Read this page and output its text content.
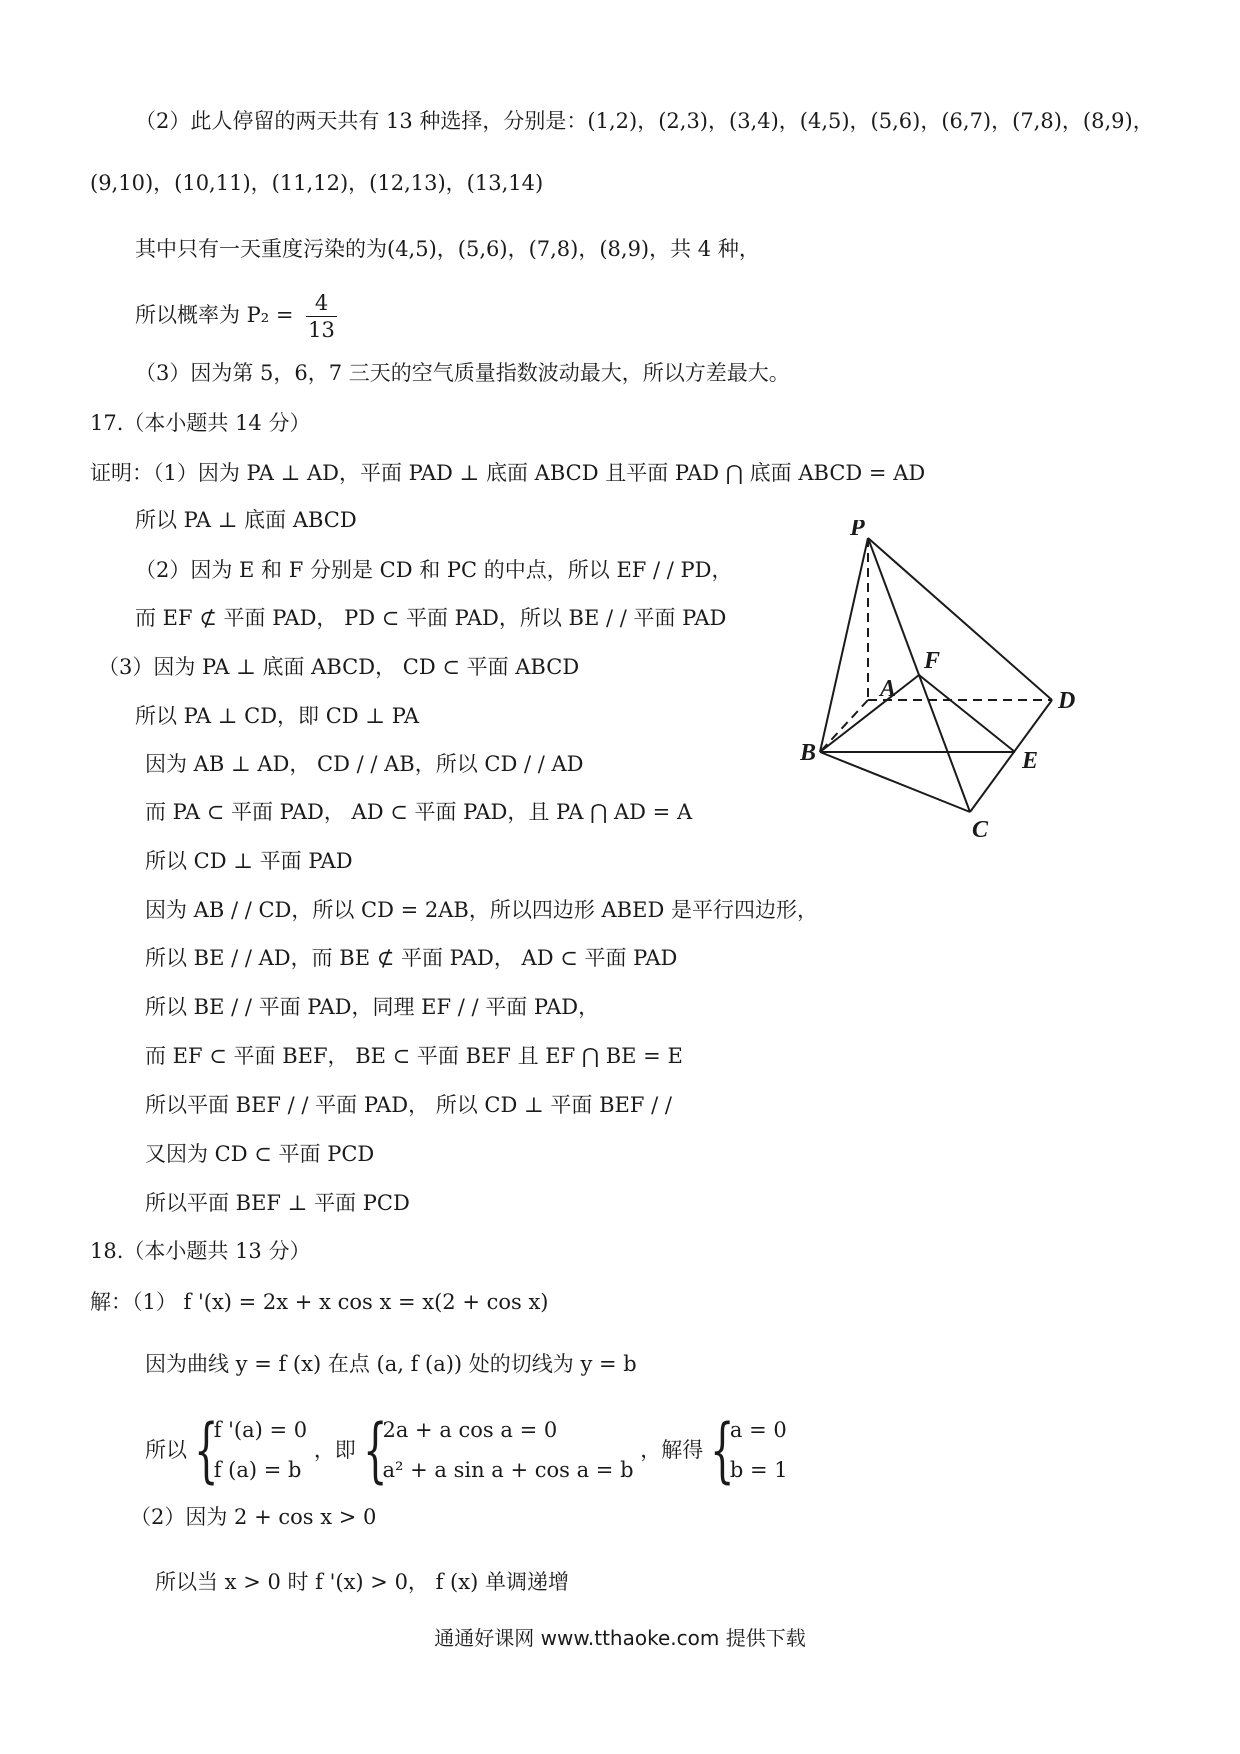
（2）此人停留的两天共有 13 种选择，分别是：(1,2)，(2,3)，(3,4)，(4,5)，(5,6)，(6,7)，(7,8)，(8,9)，
(9,10)，(10,11)，(11,12)，(12,13)，(13,14)
其中只有一天重度污染的为(4,5)，(5,6)，(7,8)，(8,9)，共 4 种，
所以概率为 $P_2 = \frac{4}{13}$
（3）因为第 5，6，7 三天的空气质量指数波动最大，所以方差最大。
17.（本小题共 14 分）
证明：（1）因为 PA ⊥ AD，平面 PAD ⊥ 底面 ABCD 且平面 PAD ⋂ 底面 ABCD = AD
所以 PA ⊥ 底面 ABCD
（2）因为 E 和 F 分别是 CD 和 PC 的中点，所以 EF / / PD，
而 EF ⊄ 平面 PAD， PD ⊂ 平面 PAD，所以 BE / / 平面 PAD
（3）因为 PA ⊥ 底面 ABCD， CD ⊂ 平面 ABCD
所以 PA ⊥ CD，即 CD ⊥ PA
因为 AB ⊥ AD， CD / / AB，所以 CD / / AD
而 PA ⊂ 平面 PAD， AD ⊂ 平面 PAD，且 PA ⋂ AD = A
所以 CD ⊥ 平面 PAD
因为 AB / / CD，所以 CD = 2AB，所以四边形 ABED 是平行四边形，
所以 BE / / AD，而 BE ⊄ 平面 PAD， AD ⊂ 平面 PAD
所以 BE / / 平面 PAD，同理 EF / / 平面 PAD，
而 EF ⊂ 平面 BEF， BE ⊂ 平面 BEF 且 EF ⋂ BE = E
所以平面 BEF / / 平面 PAD， 所以 CD ⊥ 平面 BEF / /
又因为 CD ⊂ 平面 PCD
所以平面 BEF ⊥ 平面 PCD
18.（本小题共 13 分）
解：（1） f '(x) = 2x + x cos x = x(2 + cos x)
因为曲线 y = f (x) 在点 (a, f (a)) 处的切线为 y = b
所以 {
f '(a) = 0
f (a) = b
，即 {
2a + a cos a = 0
a² + a sin a + cos a = b
，解得 {
a = 0
b = 1
（2）因为 2 + cos x > 0
所以当 x > 0 时 f '(x) > 0， f (x) 单调递增
P
A
F
D
B	E
C
通通好课网 www.tthaoke.com 提供下载
